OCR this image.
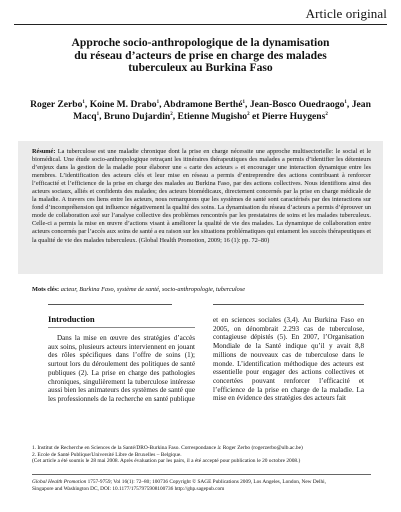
Article original
Approche socio-anthropologique de la dynamisation
du réseau d’acteurs de prise en charge des malades
tuberculeux au Burkina Faso
Roger Zerbo$^1$, Koine M. Drabo$^1$, Abdramone Berthé$^1$, Jean-Bosco Ouedraogo$^1$, Jean Macq$^1$, Bruno Dujardin$^2$, Etienne Mugisho$^2$ et Pierre Huygens$^2$
Résumé: La tuberculose est une maladie chronique dont la prise en charge nécessite une approche multisectorielle: le social et le biomédical. Une étude socio-anthropologique retraçant les itinéraires thérapeutiques des malades a permis d’identifier les détenteurs d’enjeux dans la gestion de la maladie pour élaborer une « carte des acteurs » et encourager une interaction dynamique entre les membres. L’identification des acteurs clés et leur mise en réseau a permis d’entreprendre des actions contribuant à renforcer l’efficacité et l’efficience de la prise en charge des malades au Burkina Faso, par des actions collectives. Nous identifions ainsi des acteurs sociaux, alliés et confidents des malades; des acteurs biomédicaux, directement concernés par la prise en charge médicale de la maladie. A travers ces liens entre les acteurs, nous remarquons que les systèmes de santé sont caractérisés par des interactions sur fond d’incompréhension qui influence négativement la qualité des soins. La dynamisation du réseau d’acteurs a permis d’éprouver un mode de collaboration axé sur l’analyse collective des problèmes rencontrés par les prestataires de soins et les malades tuberculeux. Celle-ci a permis la mise en œuvre d’actions visant à améliorer la qualité de vie des malades. La dynamique de collaboration entre acteurs concernés par l’accès aux soins de santé a eu raison sur les situations problématiques qui entament les succès thérapeutiques et la qualité de vie des malades tuberculeux. (Global Health Promotion, 2009; 16 (1): pp. 72–80)
Mots clés: acteur, Burkina Faso, système de santé, socio-anthropologie, tuberculose
Introduction
Dans la mise en œuvre des stratégies d’accès aux soins, plusieurs acteurs interviennent en jouant des rôles spécifiques dans l’offre de soins (1); surtout lors du déroulement des politiques de santé publiques (2). La prise en charge des pathologies chroniques, singulièrement la tuberculose intéresse aussi bien les animateurs des systèmes de santé que les professionnels de la recherche en santé publique
et en sciences sociales (3,4). Au Burkina Faso en 2005, on dénombrait 2.293 cas de tuberculose, contagieuse dépistés (5). En 2007, l’Organisation Mondiale de la Santé indique qu’il y avait 8,8 millions de nouveaux cas de tuberculose dans le monde. L’identification méthodique des acteurs est essentielle pour engager des actions collectives et concertées pouvant renforcer l’efficacité et l’efficience de la prise en charge de la maladie. La mise en évidence des stratégies des acteurs fait
1. Institut de Recherche en Sciences de la Santé/DRO-Burkina Faso. Correspondance à: Roger Zerbo (rogerzerbo@ulb.ac.be)
2. Ecole de Santé Publique/Université Libre de Bruxelles – Belgique.
(Cet article a été soumis le 28 mai 2008. Après évaluation par les pairs, il a été accepté pour publication le 20 octobre 2008.)
Global Health Promotion 1757-9759; Vol 16(1): 72–80; 100736 Copyright © SAGE Publications 2009, Los Angeles, London, New Delhi,
Singapore and Washington DC, DOI: 10.1177/1757975908100736 http://ghp.sagepub.com
